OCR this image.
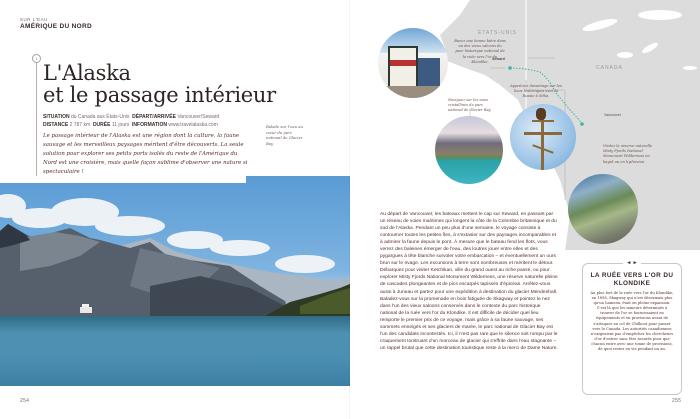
SUR L'EAU
AMÉRIQUE DU NORD
1
L'Alaska
et le passage intérieur
SITUATION du Canada aux États-Unis DÉPART/ARRIVÉE Vancouver/Seward
DISTANCE 2 787 km DURÉE 11 jours INFORMATION www.travelalaska.com

Le passage intérieur de l'Alaska est une région dont la culture, la faune sauvage et les merveilleux paysages méritent d'être découverts. La seule solution pour explorer ses petits ports isolés du reste de l'Amérique du Nord est une croisière, mais quelle façon sublime d'observer une nature si spectaculaire !

Balade sur l'eau au cœur du parc national de Glacier Bay

254
ÉTATS-UNIS
CANADA
Seward
Vancouver
Buvez une bonne bière dans un des vieux saloons du parc historique national de la ruée vers l'or du Klondike.
Naviguez sur les eaux cristallines du parc national de Glacier Bay
Appréciez davantage sur les lieux historiques avec la Russie à Sitka.
Visitez la réserve naturelle Misty Fjords National Monument Wilderness en kayak ou en hydravion.

Au départ de Vancouver, les bateaux mettent le cap sur Seward, en passant par un réseau de voies maritimes qui longent la côte de la Colombie britannique et du sud de l'Alaska. Pendant un peu plus d'une semaine, le voyage consiste à contourner toutes les petites îles, à s'extasier sur des paysages incomparables et à admirer la faune depuis le pont. À mesure que le bateau fend les flots, vous verrez des baleines émerger de l'eau, des loutres jouer entre elles et des pygargues à tête blanche survoler votre embarcation – et éventuellement un ours brun sur le rivage. Les excursions à terre sont nombreuses et méritent le détour. Débarquez pour visiter Ketchikan, ville du grand ouest au riche passé, ou pour explorer Misty Fjords National Monument Wilderness, une réserve naturelle pleine de cascades plongeantes et de pics escarpés tapissés d'épicéas. Arrêtez-vous aussi à Juneau et partez pour une expédition à destination du glacier Mendenhall. Baladez-vous sur la promenade en bois fatiguée de Skagway et pointez le nez dans l'un des vieux saloons conservés dans le contexte du parc historique national de la ruée vers l'or du Klondike. Il est difficile de décider quel lieu remporte le premier prix de ce voyage, mais grâce à sa faune sauvage, ses sommets enneigés et ses glaciers de marée, le parc national de Glacier Bay est l'un des candidats incontestés. Ici, il n'est pas rare que le silence soit rompu par le craquement tonitruant d'un morceau de glacier qui s'effrite dans l'eau stagnante – un rappel brutal que cette destination touristique reste à la merci de Dame Nature.

◄ ►
LA RUÉE VERS L'OR DU KLONDIKE
Au plus fort de la ruée vers l'or du Klondike, en 1898, Skagway qui n'est désormais plus qu'un hameau, était en pleine expansion. C'est là que les mineurs déterminés à trouver de l'or se fournissaient en équipements et en provisions avant de s'attaquer au col de Chilkoot pour passer vers le Canada. Les autorités canadiennes n'exigeaient pas d'empêcher les chercheurs d'or d'entrer sans être assurés pour que chacun entre avec une tonne de provisions, de quoi rester en vie pendant un an.
255
